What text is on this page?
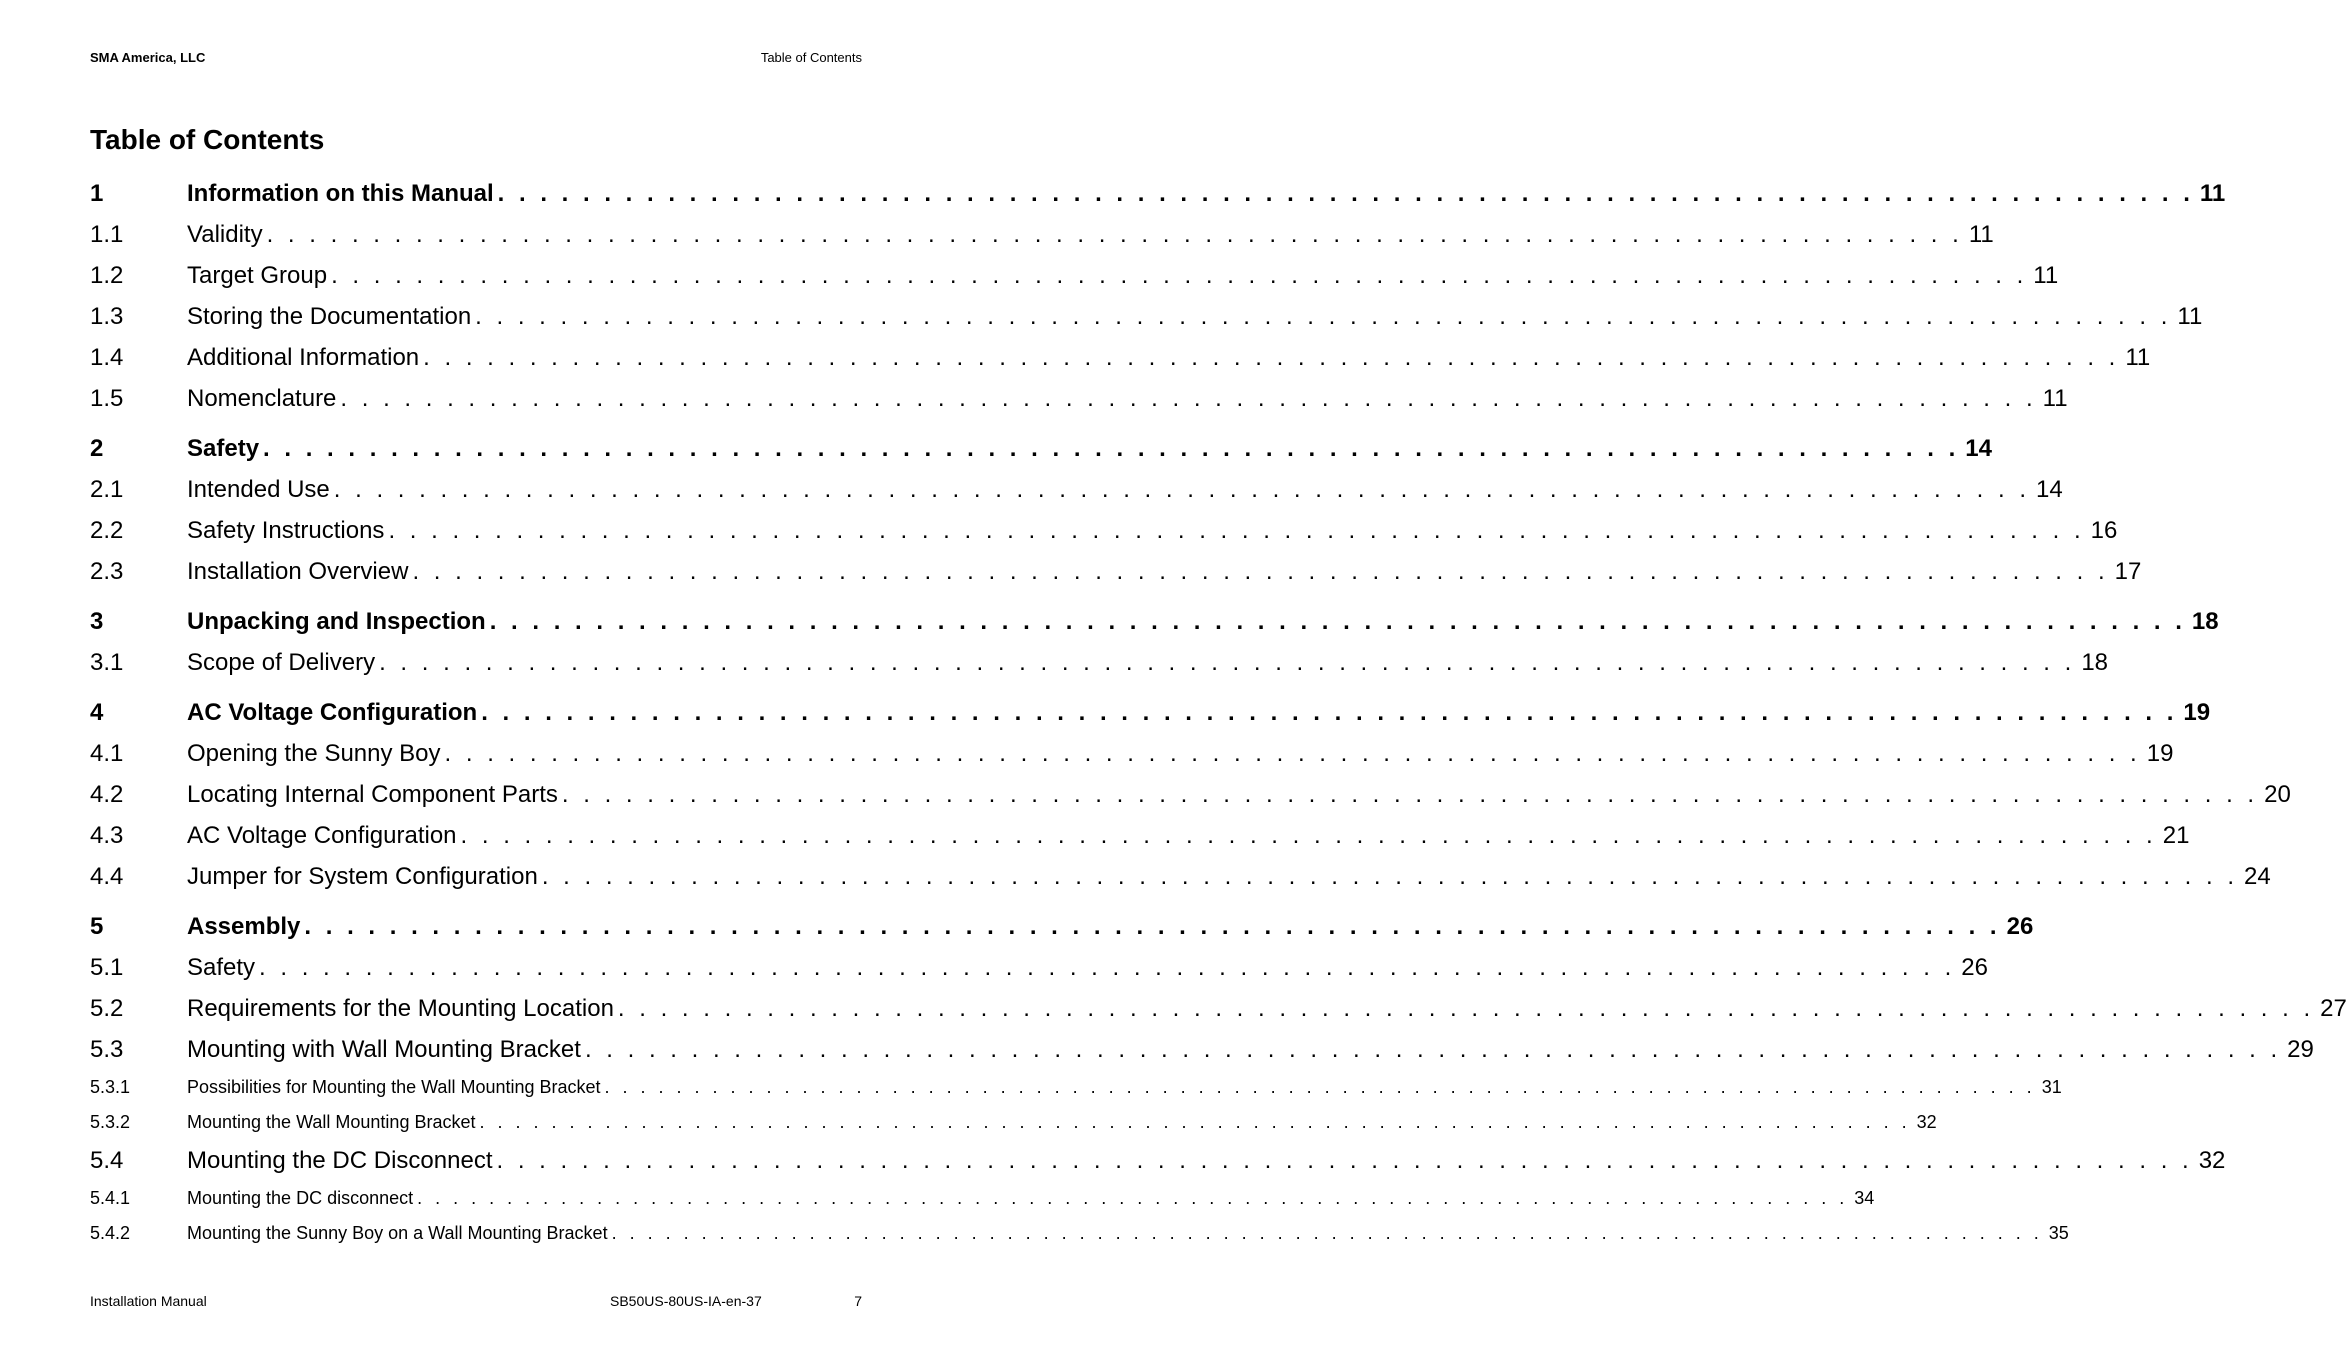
SMA America, LLC	Table of Contents
Table of Contents
1	Information on this Manual . . . . . . . . . . . . . . . . . . . . . . . . . . . . . . . . . . . . . . . . . . . . . . . . . . . . . . . . . . . . . . . . . . . . . . . . . . . . . . . . 11
1.1	Validity . . . . . . . . . . . . . . . . . . . . . . . . . . . . . . . . . . . . . . . . . . . . . . . . . . . . . . . . . . . . . . . . . . . . . . . . . . . . . . . . 11
1.2	Target Group . . . . . . . . . . . . . . . . . . . . . . . . . . . . . . . . . . . . . . . . . . . . . . . . . . . . . . . . . . . . . . . . . . . . . . . . . . . . . . . . 11
1.3	Storing the Documentation . . . . . . . . . . . . . . . . . . . . . . . . . . . . . . . . . . . . . . . . . . . . . . . . . . . . . . . . . . . . . . . . . . . . . . . . . . . . . . . . 11
1.4	Additional Information . . . . . . . . . . . . . . . . . . . . . . . . . . . . . . . . . . . . . . . . . . . . . . . . . . . . . . . . . . . . . . . . . . . . . . . . . . . . . . . . 11
1.5	Nomenclature . . . . . . . . . . . . . . . . . . . . . . . . . . . . . . . . . . . . . . . . . . . . . . . . . . . . . . . . . . . . . . . . . . . . . . . . . . . . . . . . 11
2	Safety . . . . . . . . . . . . . . . . . . . . . . . . . . . . . . . . . . . . . . . . . . . . . . . . . . . . . . . . . . . . . . . . . . . . . . . . . . . . . . . . 14
2.1	Intended Use . . . . . . . . . . . . . . . . . . . . . . . . . . . . . . . . . . . . . . . . . . . . . . . . . . . . . . . . . . . . . . . . . . . . . . . . . . . . . . . . 14
2.2	Safety Instructions . . . . . . . . . . . . . . . . . . . . . . . . . . . . . . . . . . . . . . . . . . . . . . . . . . . . . . . . . . . . . . . . . . . . . . . . . . . . . . . . 16
2.3	Installation Overview . . . . . . . . . . . . . . . . . . . . . . . . . . . . . . . . . . . . . . . . . . . . . . . . . . . . . . . . . . . . . . . . . . . . . . . . . . . . . . . . 17
3	Unpacking and Inspection . . . . . . . . . . . . . . . . . . . . . . . . . . . . . . . . . . . . . . . . . . . . . . . . . . . . . . . . . . . . . . . . . . . . . . . . . . . . . . . . 18
3.1	Scope of Delivery . . . . . . . . . . . . . . . . . . . . . . . . . . . . . . . . . . . . . . . . . . . . . . . . . . . . . . . . . . . . . . . . . . . . . . . . . . . . . . . . 18
4	AC Voltage Configuration . . . . . . . . . . . . . . . . . . . . . . . . . . . . . . . . . . . . . . . . . . . . . . . . . . . . . . . . . . . . . . . . . . . . . . . . . . . . . . . . 19
4.1	Opening the Sunny Boy . . . . . . . . . . . . . . . . . . . . . . . . . . . . . . . . . . . . . . . . . . . . . . . . . . . . . . . . . . . . . . . . . . . . . . . . . . . . . . . . 19
4.2	Locating Internal Component Parts . . . . . . . . . . . . . . . . . . . . . . . . . . . . . . . . . . . . . . . . . . . . . . . . . . . . . . . . . . . . . . . . . . . . . . . . . . . . . . . . 20
4.3	AC Voltage Configuration . . . . . . . . . . . . . . . . . . . . . . . . . . . . . . . . . . . . . . . . . . . . . . . . . . . . . . . . . . . . . . . . . . . . . . . . . . . . . . . . 21
4.4	Jumper for System Configuration . . . . . . . . . . . . . . . . . . . . . . . . . . . . . . . . . . . . . . . . . . . . . . . . . . . . . . . . . . . . . . . . . . . . . . . . . . . . . . . . 24
5	Assembly . . . . . . . . . . . . . . . . . . . . . . . . . . . . . . . . . . . . . . . . . . . . . . . . . . . . . . . . . . . . . . . . . . . . . . . . . . . . . . . . 26
5.1	Safety . . . . . . . . . . . . . . . . . . . . . . . . . . . . . . . . . . . . . . . . . . . . . . . . . . . . . . . . . . . . . . . . . . . . . . . . . . . . . . . . 26
5.2	Requirements for the Mounting Location . . . . . . . . . . . . . . . . . . . . . . . . . . . . . . . . . . . . . . . . . . . . . . . . . . . . . . . . . . . . . . . . . . . . . . . . . . . . . . . . 27
5.3	Mounting with Wall Mounting Bracket . . . . . . . . . . . . . . . . . . . . . . . . . . . . . . . . . . . . . . . . . . . . . . . . . . . . . . . . . . . . . . . . . . . . . . . . . . . . . . . . 29
5.3.1	Possibilities for Mounting the Wall Mounting Bracket . . . . . . . . . . . . . . . . . . . . . . . . . . . . . . . . . . . . . . . . . . . . . . . . . . . . . . . . . . . . . . . . . . . . . . . . . . . . . . . . 31
5.3.2	Mounting the Wall Mounting Bracket . . . . . . . . . . . . . . . . . . . . . . . . . . . . . . . . . . . . . . . . . . . . . . . . . . . . . . . . . . . . . . . . . . . . . . . . . . . . . . . . 32
5.4	Mounting the DC Disconnect . . . . . . . . . . . . . . . . . . . . . . . . . . . . . . . . . . . . . . . . . . . . . . . . . . . . . . . . . . . . . . . . . . . . . . . . . . . . . . . . 32
5.4.1	Mounting the DC disconnect . . . . . . . . . . . . . . . . . . . . . . . . . . . . . . . . . . . . . . . . . . . . . . . . . . . . . . . . . . . . . . . . . . . . . . . . . . . . . . . . 34
5.4.2	Mounting the Sunny Boy on a Wall Mounting Bracket . . . . . . . . . . . . . . . . . . . . . . . . . . . . . . . . . . . . . . . . . . . . . . . . . . . . . . . . . . . . . . . . . . . . . . . . . . . . . . . . 35
Installation Manual	SB50US-80US-IA-en-37	7
